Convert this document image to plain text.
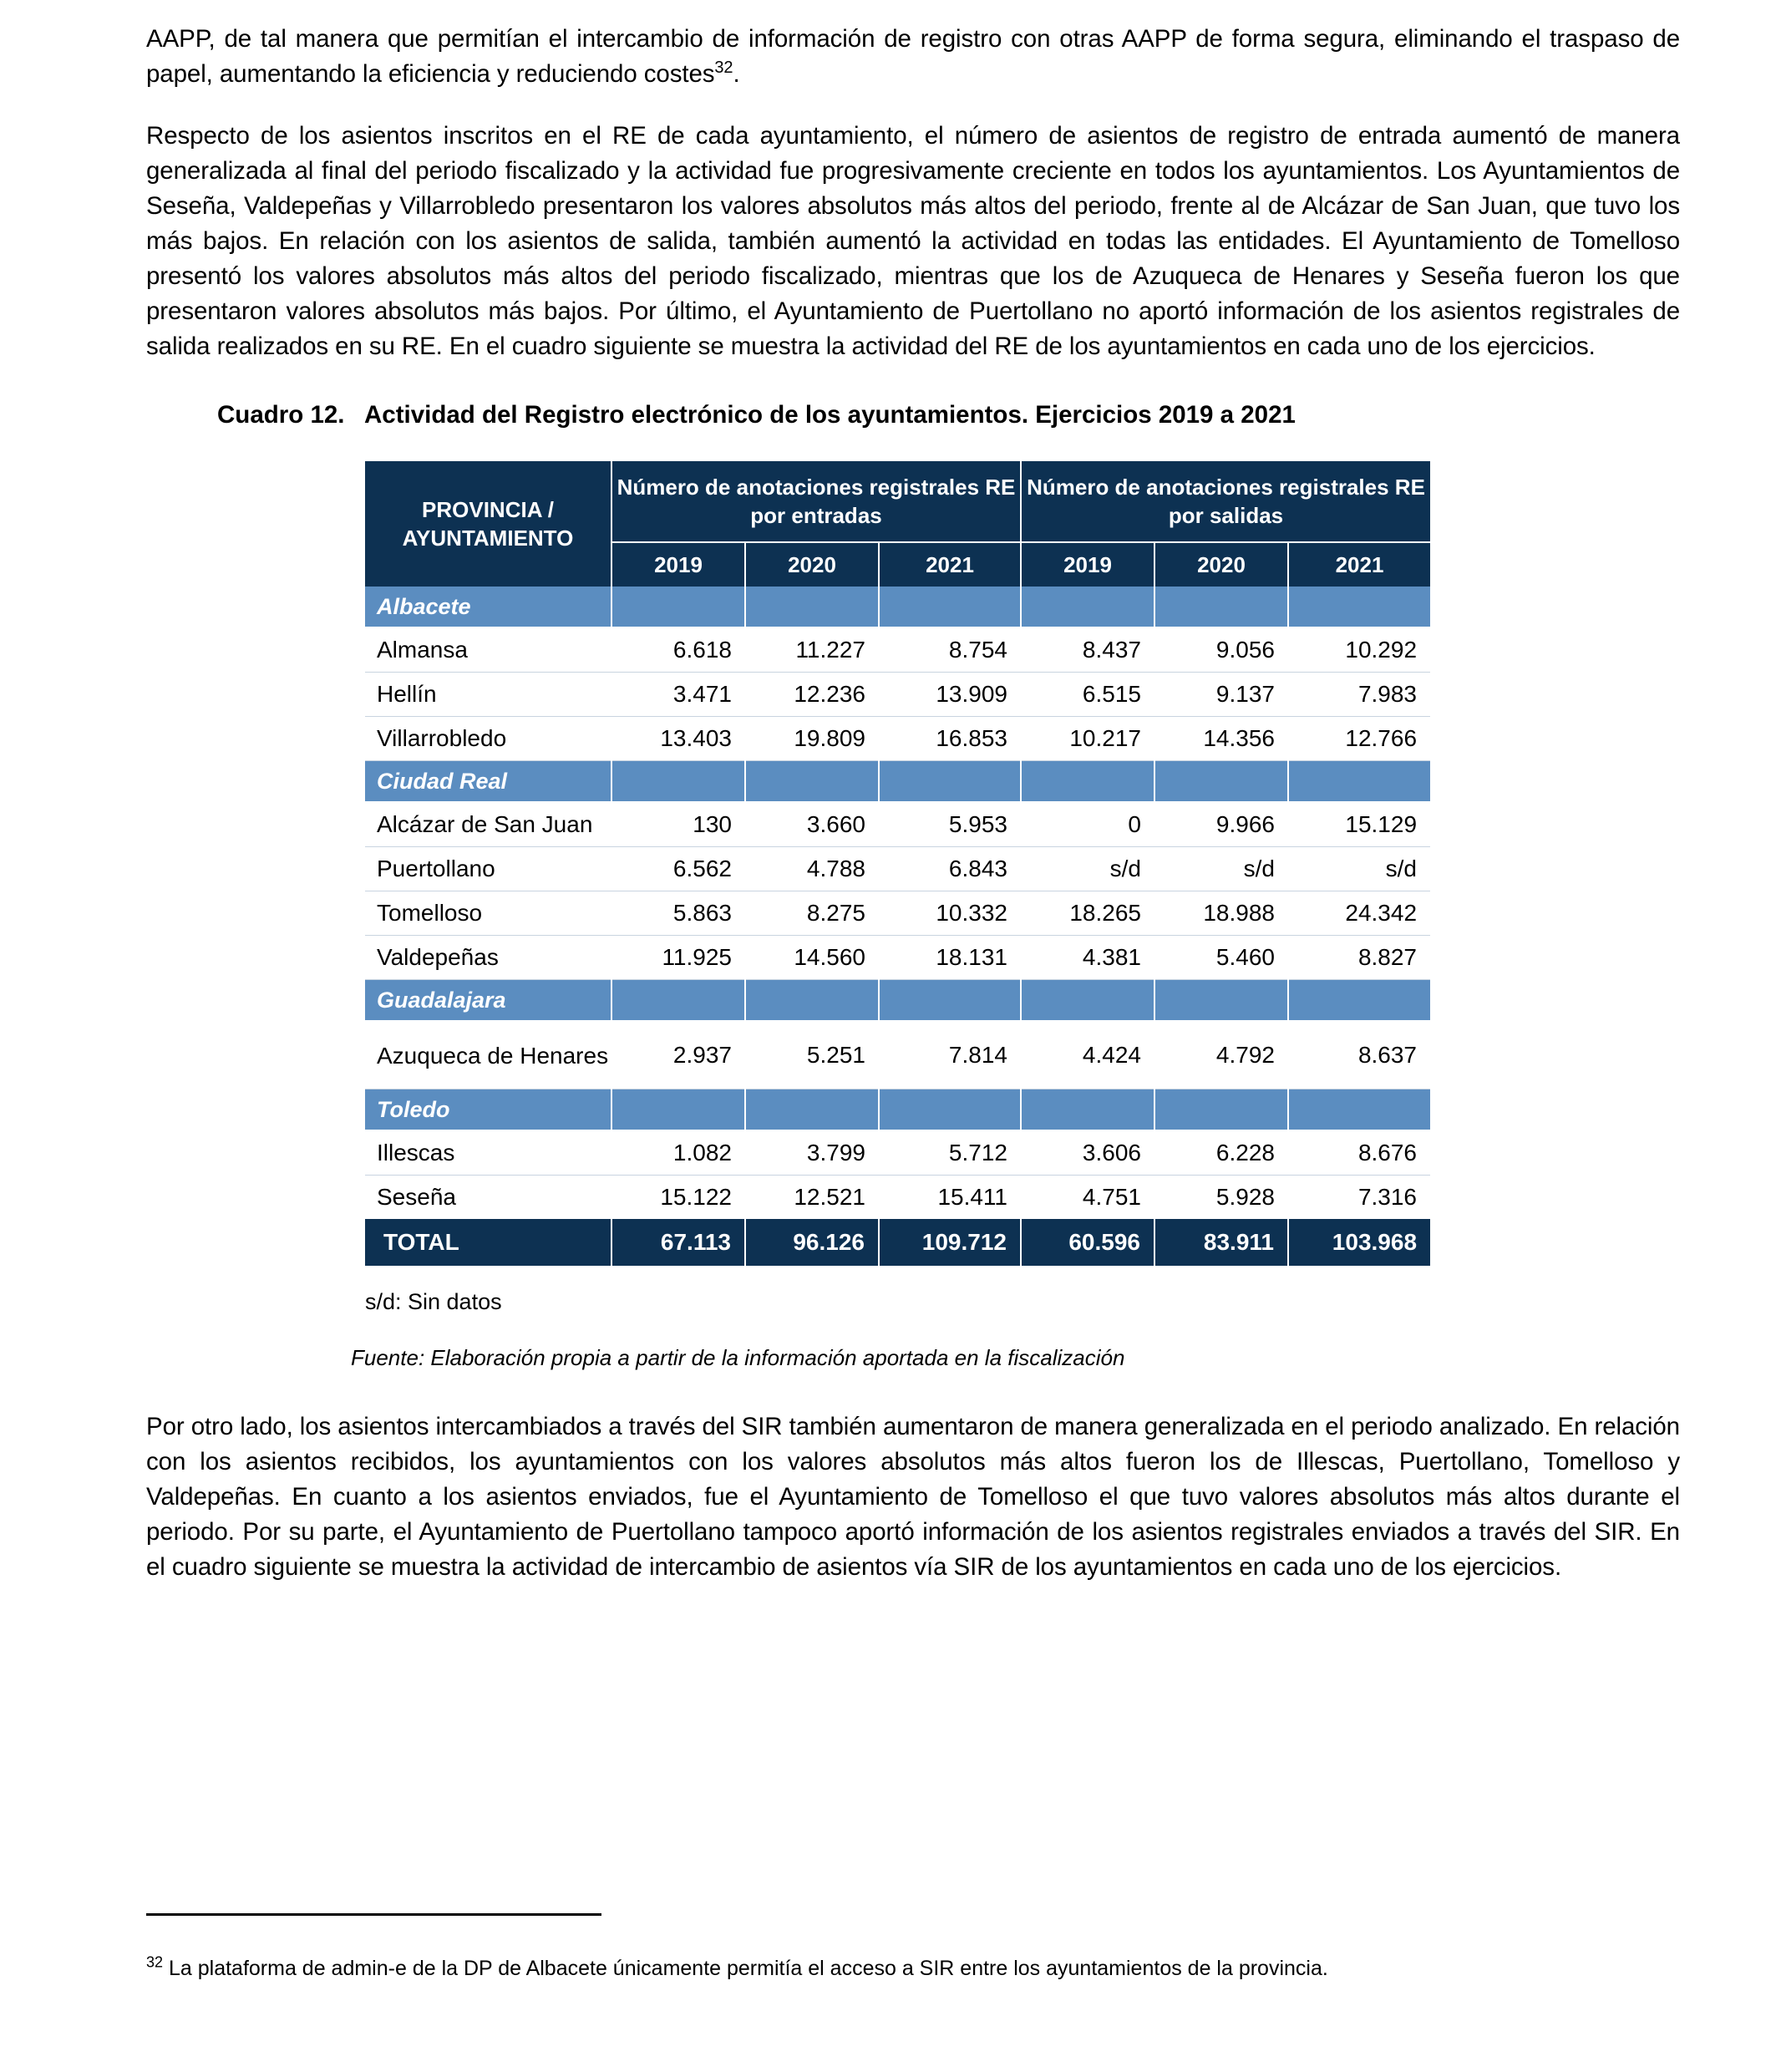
AAPP, de tal manera que permitían el intercambio de información de registro con otras AAPP de forma segura, eliminando el traspaso de papel, aumentando la eficiencia y reduciendo costes$^{32}$.

Respecto de los asientos inscritos en el RE de cada ayuntamiento, el número de asientos de registro de entrada aumentó de manera generalizada al final del periodo fiscalizado y la actividad fue progresivamente creciente en todos los ayuntamientos. Los Ayuntamientos de Seseña, Valdepeñas y Villarrobledo presentaron los valores absolutos más altos del periodo, frente al de Alcázar de San Juan, que tuvo los más bajos. En relación con los asientos de salida, también aumentó la actividad en todas las entidades. El Ayuntamiento de Tomelloso presentó los valores absolutos más altos del periodo fiscalizado, mientras que los de Azuqueca de Henares y Seseña fueron los que presentaron valores absolutos más bajos. Por último, el Ayuntamiento de Puertollano no aportó información de los asientos registrales de salida realizados en su RE. En el cuadro siguiente se muestra la actividad del RE de los ayuntamientos en cada uno de los ejercicios.

Cuadro 12. Actividad del Registro electrónico de los ayuntamientos. Ejercicios 2019 a 2021

PROVINCIA / AYUNTAMIENTO	Número de anotaciones registrales RE por entradas			Número de anotaciones registrales RE por salidas		
	2019	2020	2021	2019	2020	2021
Albacete						
Almansa	6.618	11.227	8.754	8.437	9.056	10.292
Hellín	3.471	12.236	13.909	6.515	9.137	7.983
Villarrobledo	13.403	19.809	16.853	10.217	14.356	12.766
Ciudad Real						
Alcázar de San Juan	130	3.660	5.953	0	9.966	15.129
Puertollano	6.562	4.788	6.843	s/d	s/d	s/d
Tomelloso	5.863	8.275	10.332	18.265	18.988	24.342
Valdepeñas	11.925	14.560	18.131	4.381	5.460	8.827
Guadalajara						
Azuqueca de Henares	2.937	5.251	7.814	4.424	4.792	8.637
Toledo						
Illescas	1.082	3.799	5.712	3.606	6.228	8.676
Seseña	15.122	12.521	15.411	4.751	5.928	7.316
TOTAL	67.113	96.126	109.712	60.596	83.911	103.968

s/d: Sin datos

Fuente: Elaboración propia a partir de la información aportada en la fiscalización

Por otro lado, los asientos intercambiados a través del SIR también aumentaron de manera generalizada en el periodo analizado. En relación con los asientos recibidos, los ayuntamientos con los valores absolutos más altos fueron los de Illescas, Puertollano, Tomelloso y Valdepeñas. En cuanto a los asientos enviados, fue el Ayuntamiento de Tomelloso el que tuvo valores absolutos más altos durante el periodo. Por su parte, el Ayuntamiento de Puertollano tampoco aportó información de los asientos registrales enviados a través del SIR. En el cuadro siguiente se muestra la actividad de intercambio de asientos vía SIR de los ayuntamientos en cada uno de los ejercicios.

$^{32}$ La plataforma de admin-e de la DP de Albacete únicamente permitía el acceso a SIR entre los ayuntamientos de la provincia.
